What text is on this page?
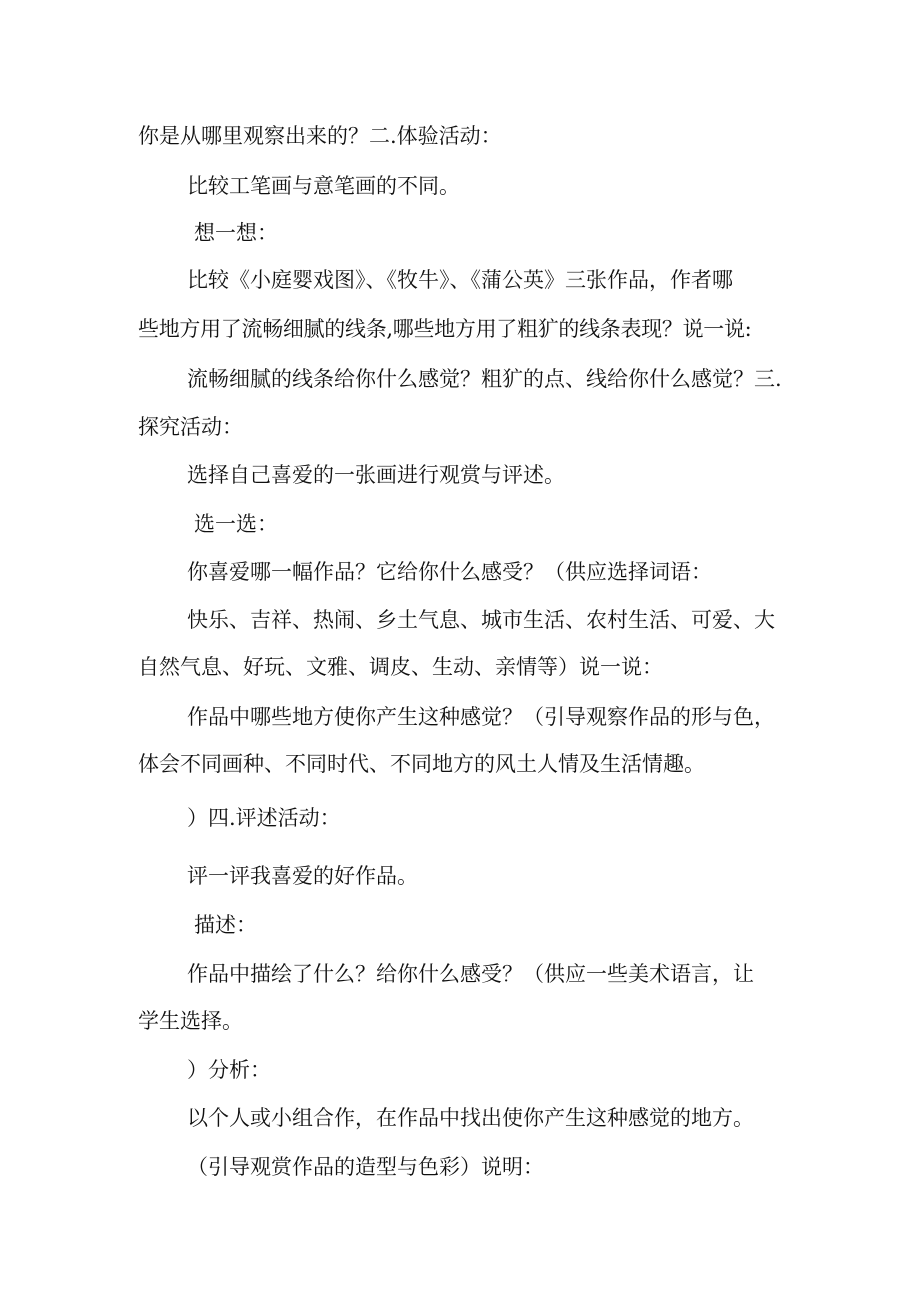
你是从哪里观察出来的？二.体验活动：
比较工笔画与意笔画的不同。
想一想：
比较《小庭婴戏图》、《牧牛》、《蒲公英》三张作品，作者哪
些地方用了流畅细腻的线条,哪些地方用了粗犷的线条表现？说一说:
流畅细腻的线条给你什么感觉？粗犷的点、线给你什么感觉？三.
探究活动：
选择自己喜爱的一张画进行观赏与评述。
选一选：
你喜爱哪一幅作品？它给你什么感受？（供应选择词语：
快乐、吉祥、热闹、乡土气息、城市生活、农村生活、可爱、大
自然气息、好玩、文雅、调皮、生动、亲情等）说一说：
作品中哪些地方使你产生这种感觉？（引导观察作品的形与色，
体会不同画种、不同时代、不同地方的风土人情及生活情趣。
）四.评述活动：
评一评我喜爱的好作品。
描述：
作品中描绘了什么？给你什么感受？（供应一些美术语言，让
学生选择。
）分析：
以个人或小组合作，在作品中找出使你产生这种感觉的地方。
（引导观赏作品的造型与色彩）说明：
